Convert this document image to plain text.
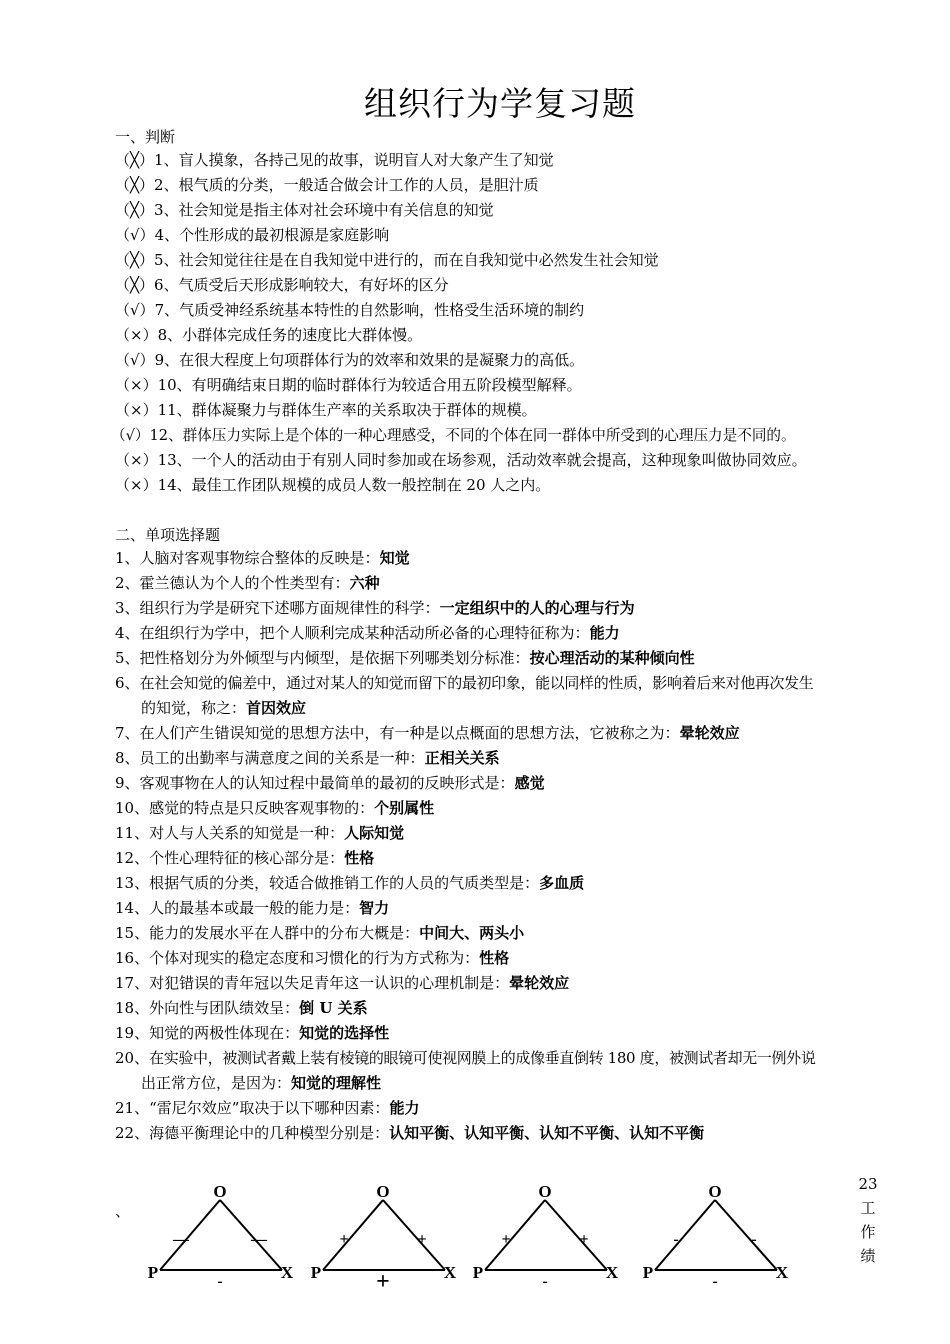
组织行为学复习题
一、判断
（╳）1、盲人摸象，各持己见的故事，说明盲人对大象产生了知觉
（╳）2、根气质的分类，一般适合做会计工作的人员，是胆汁质
（╳）3、社会知觉是指主体对社会环境中有关信息的知觉
（√）4、个性形成的最初根源是家庭影响
（╳）5、社会知觉往往是在自我知觉中进行的，而在自我知觉中必然发生社会知觉
（╳）6、气质受后天形成影响较大，有好坏的区分
（√）7、气质受神经系统基本特性的自然影响，性格受生活环境的制约
（×）8、小群体完成任务的速度比大群体慢。
（√）9、在很大程度上句项群体行为的效率和效果的是凝聚力的高低。
（×）10、有明确结束日期的临时群体行为较适合用五阶段模型解释。
（×）11、群体凝聚力与群体生产率的关系取决于群体的规模。
（√）12、群体压力实际上是个体的一种心理感受，不同的个体在同一群体中所受到的心理压力是不同的。
（×）13、一个人的活动由于有别人同时参加或在场参观，活动效率就会提高，这种现象叫做协同效应。
（×）14、最佳工作团队规模的成员人数一般控制在 20 人之内。
二、单项选择题
1、人脑对客观事物综合整体的反映是：知觉
2、霍兰德认为个人的个性类型有：六种
3、组织行为学是研究下述哪方面规律性的科学：一定组织中的人的心理与行为
4、在组织行为学中，把个人顺利完成某种活动所必备的心理特征称为：能力
5、把性格划分为外倾型与内倾型，是依据下列哪类划分标准：按心理活动的某种倾向性
6、在社会知觉的偏差中，通过对某人的知觉而留下的最初印象，能以同样的性质，影响着后来对他再次发生
的知觉，称之：首因效应
7、在人们产生错误知觉的思想方法中，有一种是以点概面的思想方法，它被称之为：晕轮效应
8、员工的出勤率与满意度之间的关系是一种：正相关关系
9、客观事物在人的认知过程中最简单的最初的反映形式是：感觉
10、感觉的特点是只反映客观事物的：个别属性
11、对人与人关系的知觉是一种：人际知觉
12、个性心理特征的核心部分是：性格
13、根据气质的分类，较适合做推销工作的人员的气质类型是：多血质
14、人的最基本或最一般的能力是：智力
15、能力的发展水平在人群中的分布大概是：中间大、两头小
16、个体对现实的稳定态度和习惯化的行为方式称为：性格
17、对犯错误的青年冠以失足青年这一认识的心理机制是：晕轮效应
18、外向性与团队绩效呈：倒 U 关系
19、知觉的两极性体现在：知觉的选择性
20、在实验中，被测试者戴上装有棱镜的眼镜可使视网膜上的成像垂直倒转 180 度，被测试者却无一例外说
出正常方位，是因为：知觉的理解性
21、“雷尼尔效应”取决于以下哪种因素：能力
22、海德平衡理论中的几种模型分别是：认知平衡、认知平衡、认知不平衡、认知不平衡
、
23
工
作
绩
O
P	X
—	—
-
O
P	X
+	+
+
O
P	X
+	+
-
O
P	X
-	-
-
